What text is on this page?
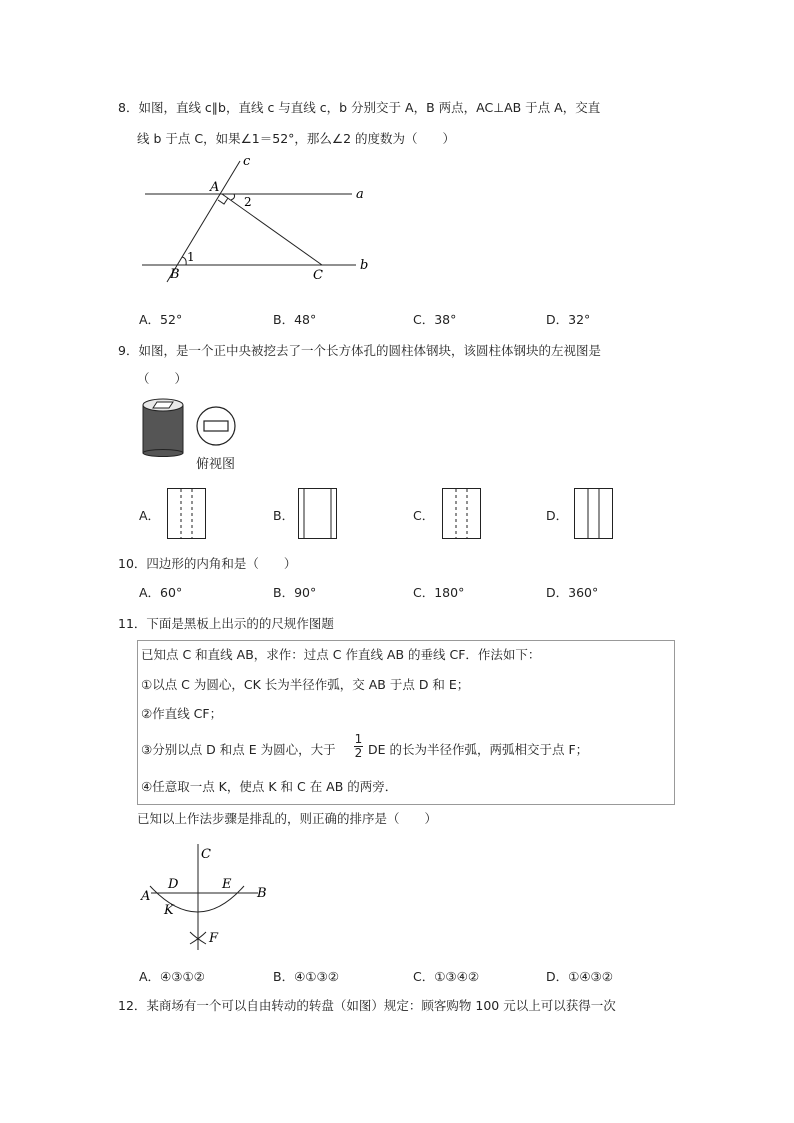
8．如图，直线 c∥b，直线 c 与直线 c，b 分别交于 A，B 两点，AC⊥AB 于点 A，交直
线 b 于点 C，如果∠1＝52°，那么∠2 的度数为（　　）
c
a
b
A
B	C
1
2
A．52°	B．48°	C．38°	D．32°
9．如图，是一个正中央被挖去了一个长方体孔的圆柱体钢块，该圆柱体钢块的左视图是
（　　）
俯视图
A．	B．	C．	D．
10．四边形的内角和是（　　）
A．60°	B．90°	C．180°	D．360°
11．下面是黑板上出示的的尺规作图题
已知点 C 和直线 AB，求作：过点 C 作直线 AB 的垂线 CF．作法如下：
①以点 C 为圆心，CK 长为半径作弧，交 AB 于点 D 和 E；
②作直线 CF；
③分别以点 D 和点 E 为圆心，大于
1
2 DE 的长为半径作弧，两弧相交于点 F；
④任意取一点 K，使点 K 和 C 在 AB 的两旁．
已知以上作法步骤是排乱的，则正确的排序是（　　）
C
A	B
D	E
K
F
A．④③①②	B．④①③②	C．①③④②	D．①④③②
12．某商场有一个可以自由转动的转盘（如图）规定：顾客购物 100 元以上可以获得一次
